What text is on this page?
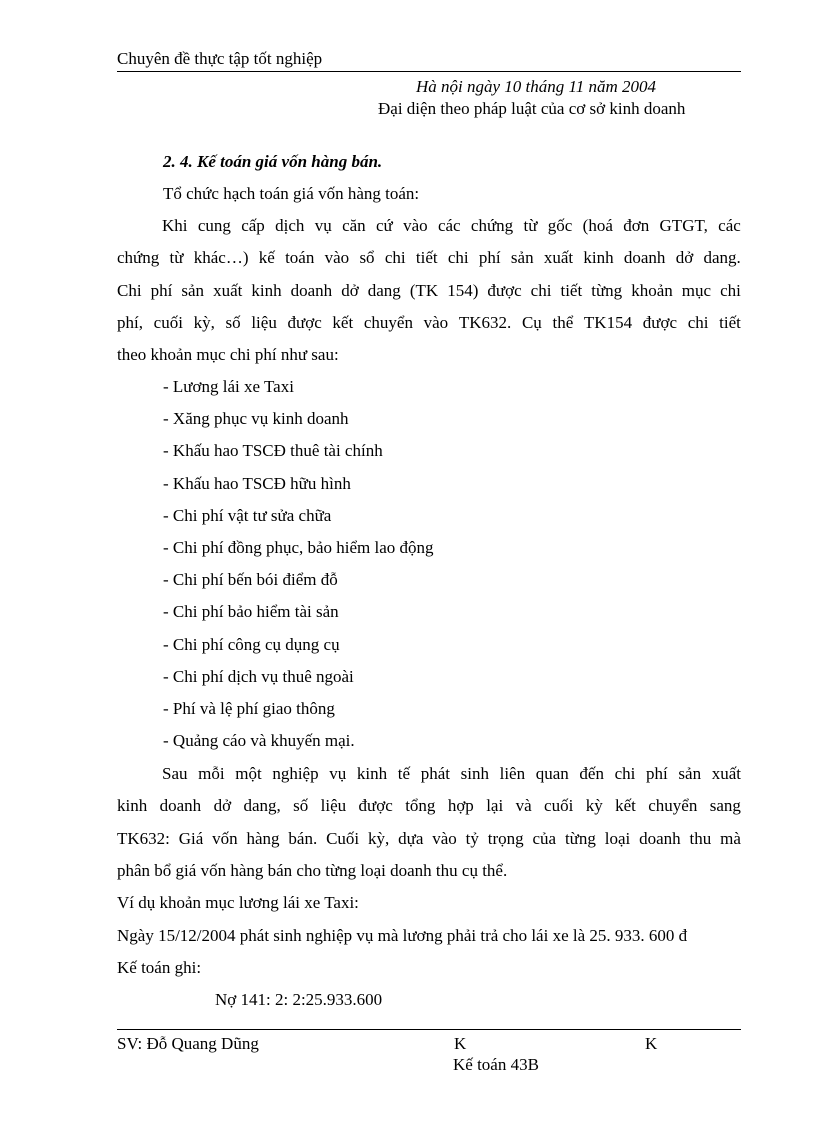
Chuyên đề thực tập tốt nghiệp
Hà nội ngày 10 tháng 11 năm 2004
Đại diện theo pháp luật của cơ sở kinh doanh
2. 4. Kế toán giá vốn hàng bán.
Tổ chức hạch toán giá vốn hàng toán:
Khi cung cấp dịch vụ căn cứ vào các chứng từ gốc (hoá đơn GTGT, các
chứng từ khác…) kế toán vào sổ chi tiết chi phí sản xuất kinh doanh dở dang.
Chi phí sản xuất kinh doanh dở dang (TK 154) được chi tiết từng khoản mục chi
phí, cuối kỳ, số liệu được kết chuyển vào TK632. Cụ thể TK154 được chi tiết
theo khoản mục chi phí như sau:
- Lương lái xe Taxi
- Xăng phục vụ kinh doanh
- Khấu hao TSCĐ thuê tài chính
- Khấu hao TSCĐ hữu hình
- Chi phí vật tư sửa chữa
- Chi phí đồng phục, bảo hiểm lao động
- Chi phí bến bói điểm đỗ
- Chi phí bảo hiểm tài sản
- Chi phí công cụ dụng cụ
- Chi phí dịch vụ thuê ngoài
- Phí và lệ phí giao thông
- Quảng cáo và khuyến mại.
Sau mỗi một nghiệp vụ kinh tế phát sinh liên quan đến chi phí sản xuất
kinh doanh dở dang, số liệu được tổng hợp lại và cuối kỳ kết chuyển sang
TK632: Giá vốn hàng bán. Cuối kỳ, dựa vào tỷ trọng của từng loại doanh thu mà
phân bổ giá vốn hàng bán cho từng loại doanh thu cụ thể.
Ví dụ khoản mục lương lái xe Taxi:
Ngày 15/12/2004 phát sinh nghiệp vụ mà lương phải trả cho lái xe là 25. 933. 600 đ
Kế toán ghi:
Nợ 141: 2: 2:25.933.600
SV: Đỗ Quang Dũng	K	K
Kế toán 43B
